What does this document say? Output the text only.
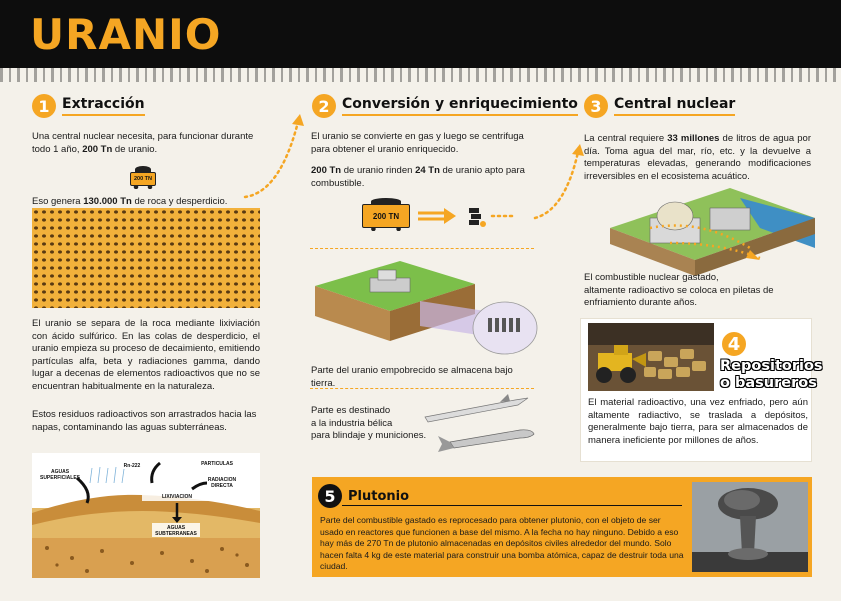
URANIO
1 Extracción
Una central nuclear necesita, para funcionar durante todo 1 año, 200 Tn de uranio.
200 TN
Eso genera 130.000 Tn de roca y desperdicio.
El uranio se separa de la roca mediante lixiviación con ácido sulfúrico. En las colas de desperdicio, el uranio empieza su proceso de decaimiento, emitiendo partículas alfa, beta y radiaciones gamma, dando lugar a decenas de elementos radioactivos que no se encuentran habitualmente en la naturaleza.
Estos residuos radioactivos son arrastrados hacia las napas, contaminando las aguas subterráneas.
LIXIVIACION
AGUAS
SUBTERRANEAS
AGUAS
SUPERFICIALES
Rn-222	PARTICULAS
RADIACION
DIRECTA
2 Conversión y enriquecimiento
El uranio se convierte en gas y luego se centrifuga para obtener el uranio enriquecido.
200 Tn de uranio rinden 24 Tn de uranio apto para combustible.
200 TN
Parte del uranio empobrecido se almacena bajo tierra.
Parte es destinado
a la industria bélica
para blindaje y municiones.
3 Central nuclear
La central requiere 33 millones de litros de agua por día. Toma agua del mar, río, etc. y la devuelve a temperaturas elevadas, generando modificaciones irreversibles en el ecosistema acuático.
El combustible nuclear gastado,
altamente radioactivo se coloca en piletas de enfriamiento durante años.
4
Repositorios
o basureros
El material radioactivo, una vez enfriado, pero aún altamente radiactivo, se traslada a depósitos, generalmente bajo tierra, para ser almacenados de manera ineficiente por millones de años.
5 Plutonio
Parte del combustible gastado es reprocesado para obtener plutonio, con el objeto de ser usado en reactores que funcionen a base del mismo. A la fecha no hay ninguno. Debido a eso hay más de 270 Tn de plutonio almacenadas en depósitos civiles alrededor del mundo. Solo hacen falta 4 kg de este material para construir una bomba atómica, capaz de destruir toda una ciudad.
